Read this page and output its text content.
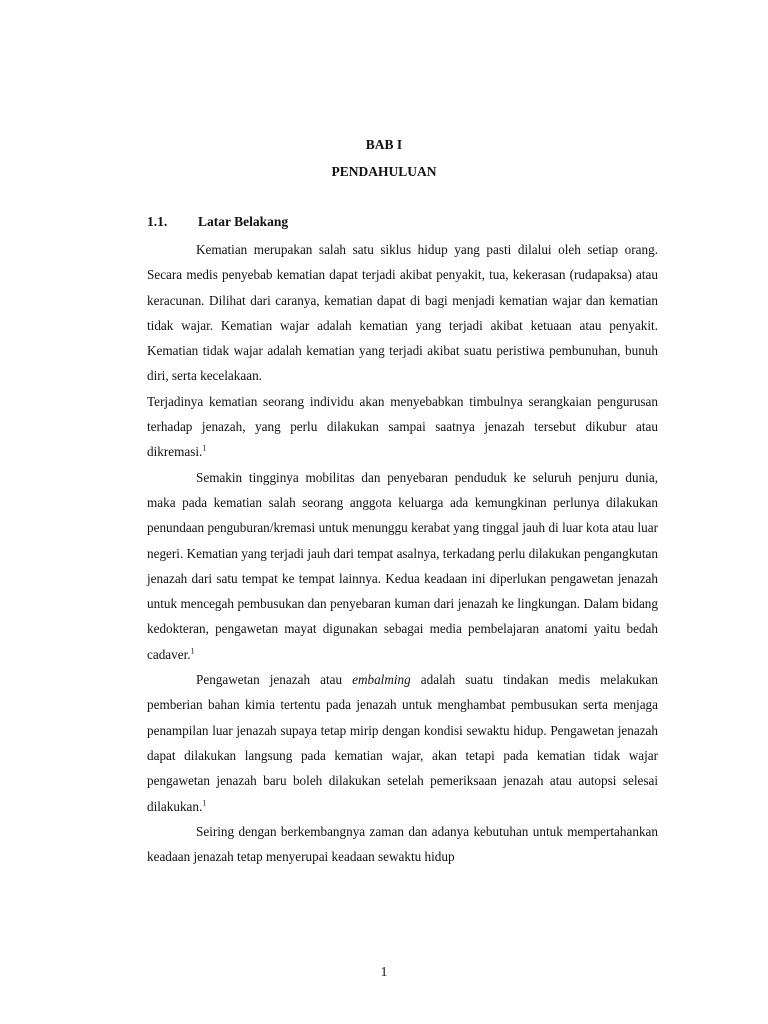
BAB I
PENDAHULUAN
1.1. Latar Belakang

Kematian merupakan salah satu siklus hidup yang pasti dilalui oleh setiap orang. Secara medis penyebab kematian dapat terjadi akibat penyakit, tua, kekerasan (rudapaksa) atau keracunan. Dilihat dari caranya, kematian dapat di bagi menjadi kematian wajar dan kematian tidak wajar. Kematian wajar adalah kematian yang terjadi akibat ketuaan atau penyakit. Kematian tidak wajar adalah kematian yang terjadi akibat suatu peristiwa pembunuhan, bunuh diri, serta kecelakaan.

Terjadinya kematian seorang individu akan menyebabkan timbulnya serangkaian pengurusan terhadap jenazah, yang perlu dilakukan sampai saatnya jenazah tersebut dikubur atau dikremasi.$^1$

Semakin tingginya mobilitas dan penyebaran penduduk ke seluruh penjuru dunia, maka pada kematian salah seorang anggota keluarga ada kemungkinan perlunya dilakukan penundaan penguburan/kremasi untuk menunggu kerabat yang tinggal jauh di luar kota atau luar negeri. Kematian yang terjadi jauh dari tempat asalnya, terkadang perlu dilakukan pengangkutan jenazah dari satu tempat ke tempat lainnya. Kedua keadaan ini diperlukan pengawetan jenazah untuk mencegah pembusukan dan penyebaran kuman dari jenazah ke lingkungan. Dalam bidang kedokteran, pengawetan mayat digunakan sebagai media pembelajaran anatomi yaitu bedah cadaver.$^1$

Pengawetan jenazah atau embalming adalah suatu tindakan medis melakukan pemberian bahan kimia tertentu pada jenazah untuk menghambat pembusukan serta menjaga penampilan luar jenazah supaya tetap mirip dengan kondisi sewaktu hidup. Pengawetan jenazah dapat dilakukan langsung pada kematian wajar, akan tetapi pada kematian tidak wajar pengawetan jenazah baru boleh dilakukan setelah pemeriksaan jenazah atau autopsi selesai dilakukan.$^1$

Seiring dengan berkembangnya zaman dan adanya kebutuhan untuk mempertahankan keadaan jenazah tetap menyerupai keadaan sewaktu hidup

1
